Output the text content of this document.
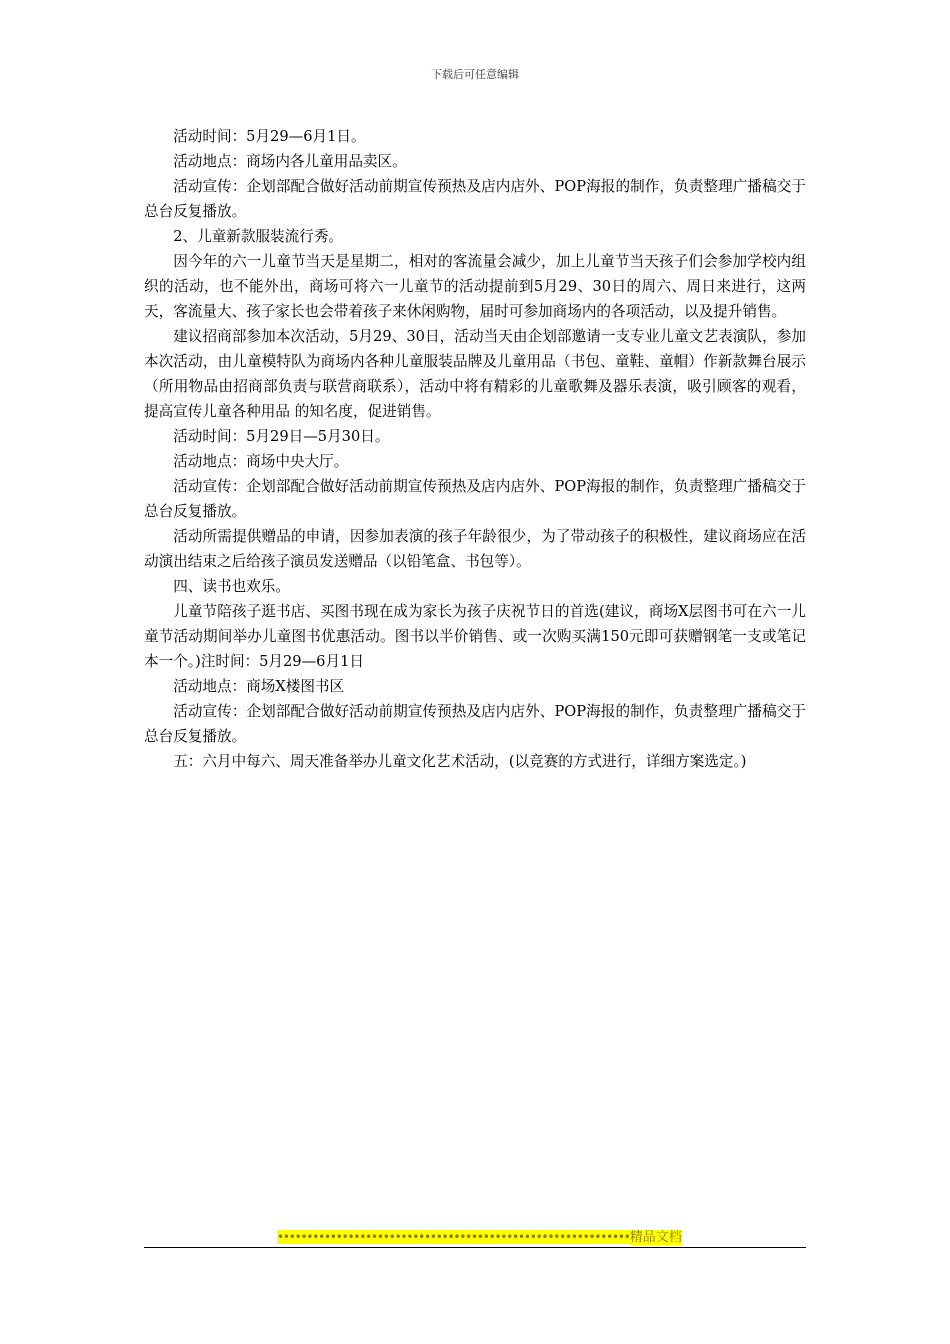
下载后可任意编辑

活动时间：5月29—6月1日。

活动地点：商场内各儿童用品卖区。

活动宣传：企划部配合做好活动前期宣传预热及店内店外、POP海报的制作，负责整理广播稿交于总台反复播放。

2、儿童新款服装流行秀。

因今年的六一儿童节当天是星期二，相对的客流量会减少，加上儿童节当天孩子们会参加学校内组织的活动，也不能外出，商场可将六一儿童节的活动提前到5月29、30日的周六、周日来进行，这两天，客流量大、孩子家长也会带着孩子来休闲购物，届时可参加商场内的各项活动，以及提升销售。

建议招商部参加本次活动，5月29、30日，活动当天由企划部邀请一支专业儿童文艺表演队，参加本次活动，由儿童模特队为商场内各种儿童服装品牌及儿童用品（书包、童鞋、童帽）作新款舞台展示（所用物品由招商部负责与联营商联系），活动中将有精彩的儿童歌舞及器乐表演，吸引顾客的观看，提高宣传儿童各种用品 的知名度，促进销售。

活动时间：5月29日—5月30日。

活动地点：商场中央大厅。

活动宣传：企划部配合做好活动前期宣传预热及店内店外、POP海报的制作，负责整理广播稿交于总台反复播放。

活动所需提供赠品的申请，因参加表演的孩子年龄很少，为了带动孩子的积极性，建议商场应在活动演出结束之后给孩子演员发送赠品（以铅笔盒、书包等）。

四、读书也欢乐。

儿童节陪孩子逛书店、买图书现在成为家长为孩子庆祝节日的首选(建议，商场X层图书可在六一儿童节活动期间举办儿童图书优惠活动。图书以半价销售、或一次购买满150元即可获赠钢笔一支或笔记本一个。)注时间：5月29—6月1日

活动地点：商场X楼图书区

活动宣传：企划部配合做好活动前期宣传预热及店内店外、POP海报的制作，负责整理广播稿交于总台反复播放。

五：六月中每六、周天准备举办儿童文化艺术活动，(以竞赛的方式进行，详细方案选定。)

••••••••••••••••••••••••••••••••••••••••••••••••••••••••••••精品文档
